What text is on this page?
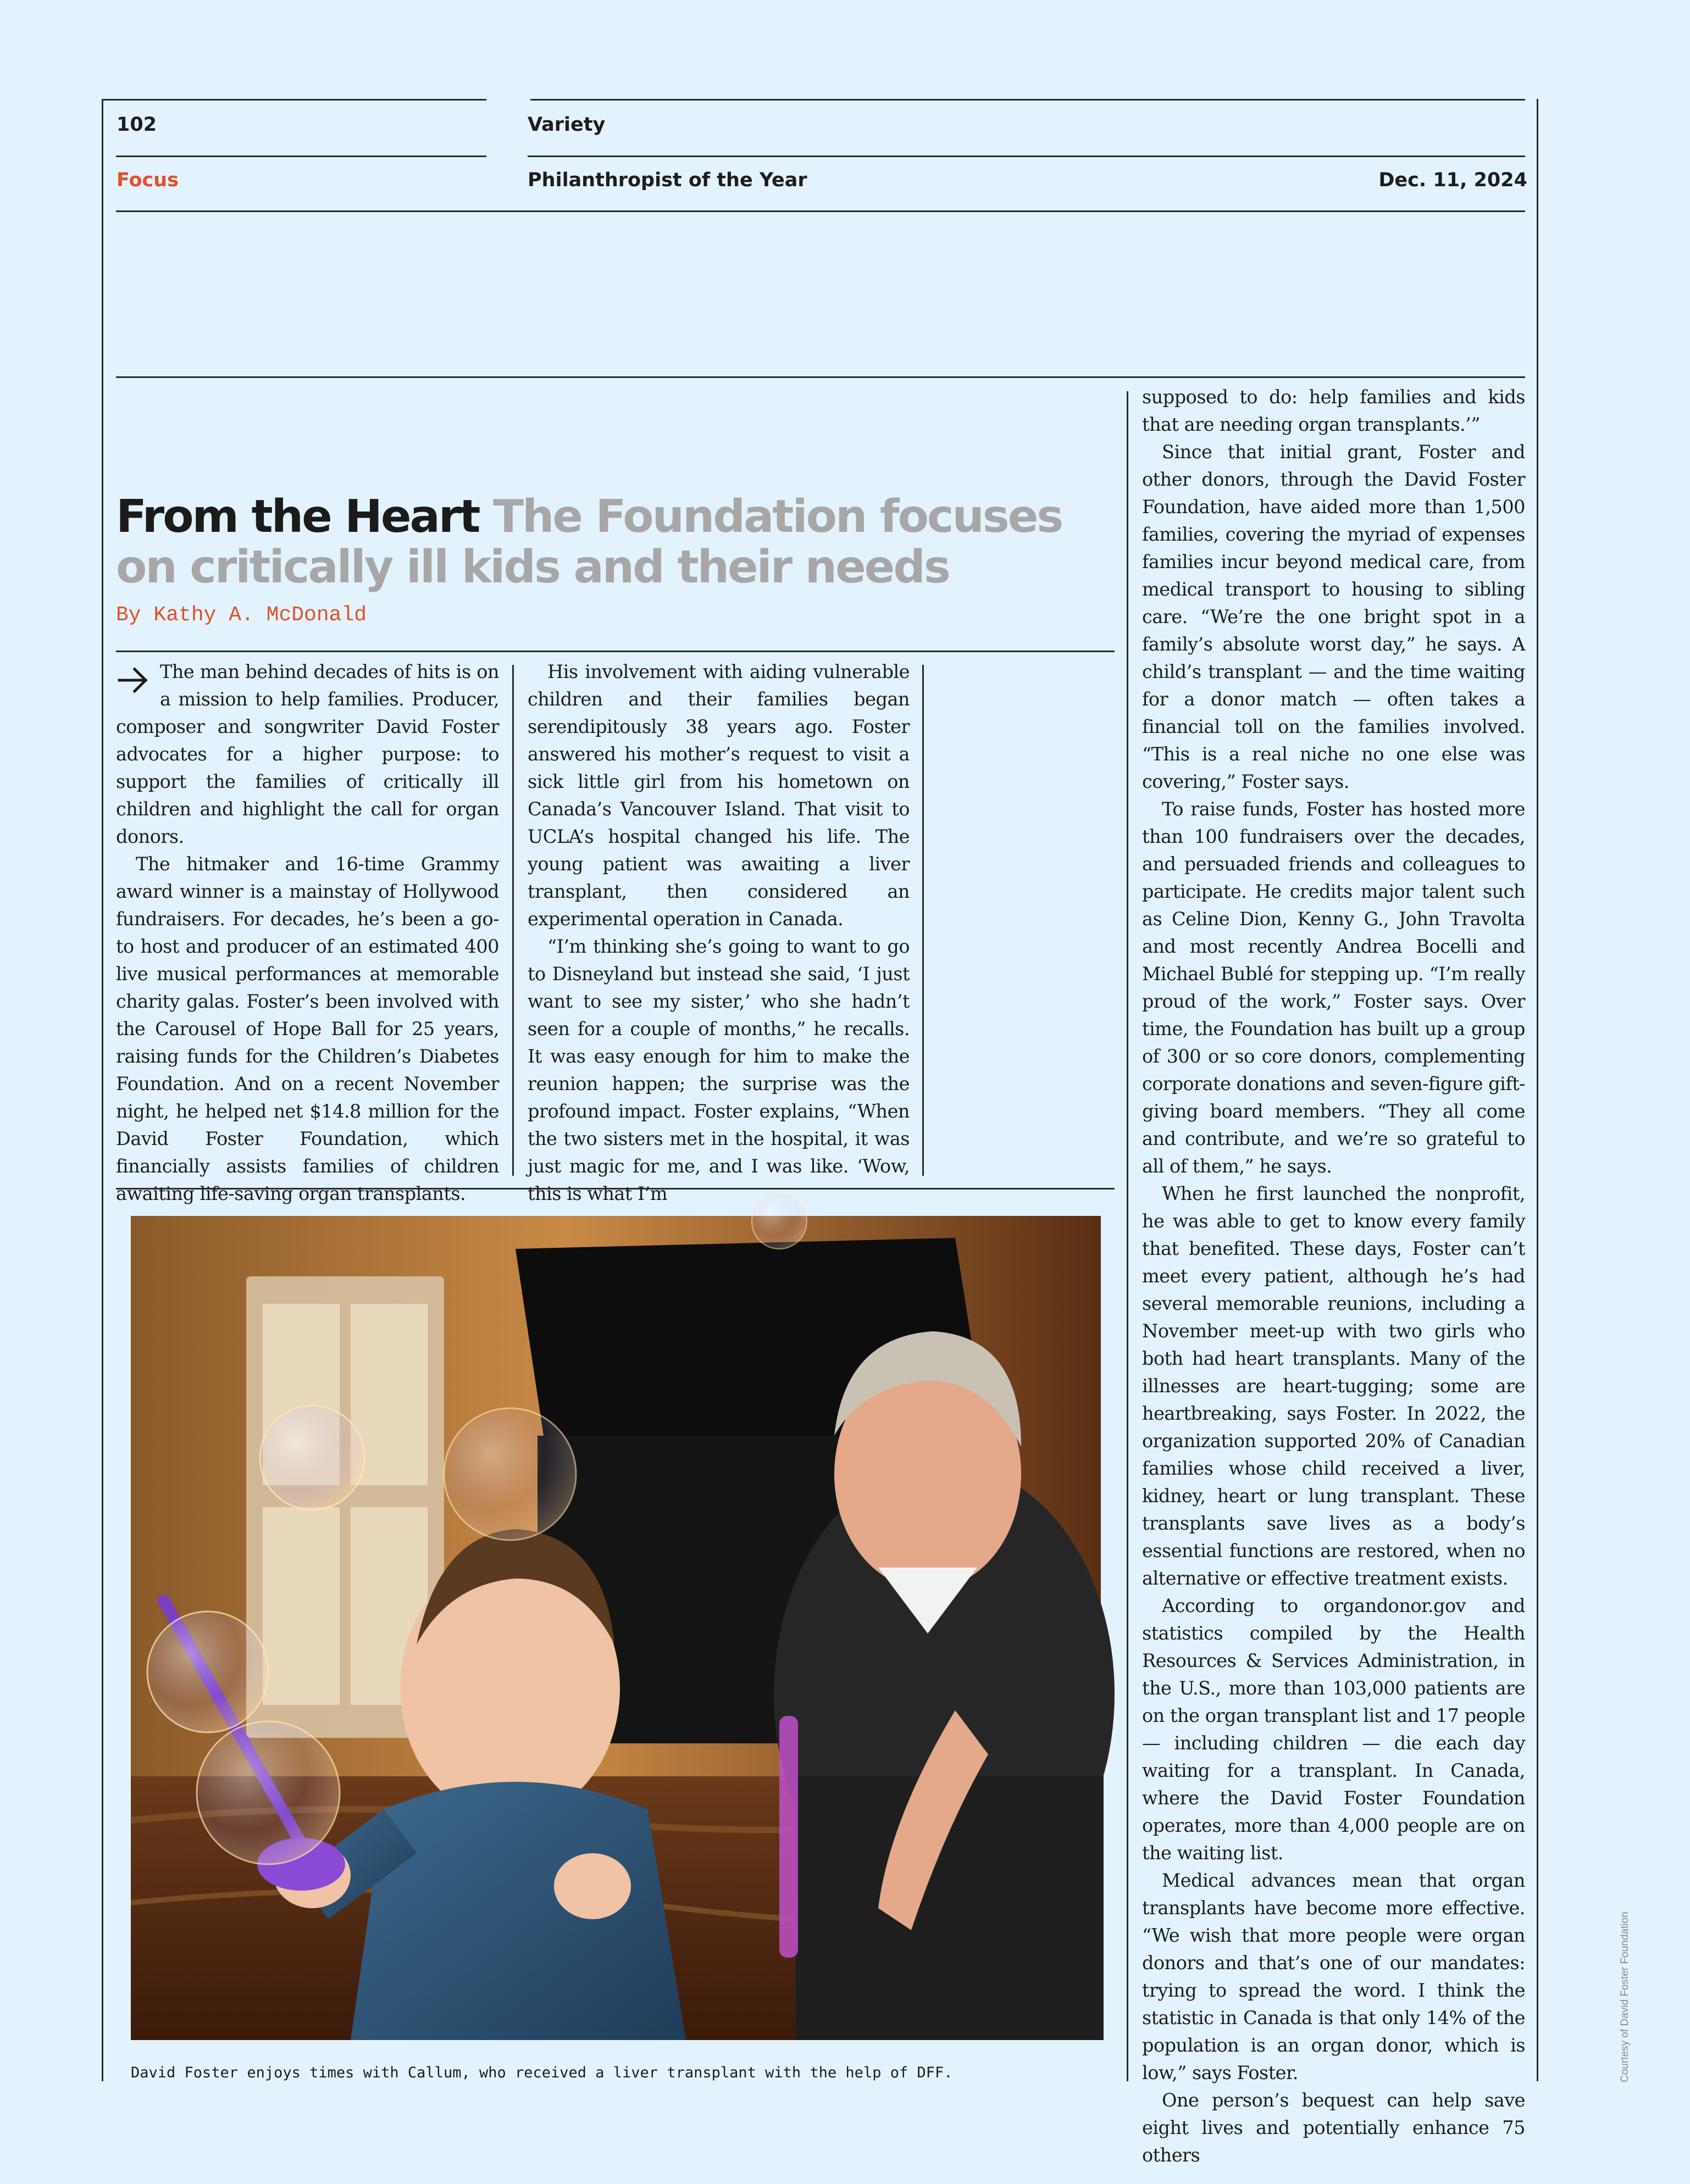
102	Variety
Focus	Philanthropist of the Year	Dec. 11, 2024
From the Heart The Foundation focuses on critically ill kids and their needs
By Kathy A. McDonald

The man behind decades of hits is on a mission to help families. Producer, composer and songwriter David Foster advocates for a higher purpose: to support the families of critically ill children and highlight the call for organ donors.

The hitmaker and 16-time Grammy award winner is a mainstay of Hollywood fundraisers. For decades, he’s been a go-to host and producer of an estimated 400 live musical performances at memorable charity galas. Foster’s been involved with the Carousel of Hope Ball for 25 years, raising funds for the Children’s Diabetes Foundation. And on a recent November night, he helped net $14.8 million for the David Foster Foundation, which financially assists families of children awaiting life-saving organ transplants.

His involvement with aiding vulnerable children and their families began serendipitously 38 years ago. Foster answered his mother’s request to visit a sick little girl from his hometown on Canada’s Vancouver Island. That visit to UCLA’s hospital changed his life. The young patient was awaiting a liver transplant, then considered an experimental operation in Canada.

“I’m thinking she’s going to want to go to Disneyland but instead she said, ‘I just want to see my sister,’ who she hadn’t seen for a couple of months,” he recalls. It was easy enough for him to make the reunion happen; the surprise was the profound impact. Foster explains, “When the two sisters met in the hospital, it was just magic for me, and I was like. ‘Wow, this is what I’m

supposed to do: help families and kids that are needing organ transplants.’”

Since that initial grant, Foster and other donors, through the David Foster Foundation, have aided more than 1,500 families, covering the myriad of expenses families incur beyond medical care, from medical transport to housing to sibling care. “We’re the one bright spot in a family’s absolute worst day,” he says. A child’s transplant — and the time waiting for a donor match — often takes a financial toll on the families involved. “This is a real niche no one else was covering,” Foster says.

To raise funds, Foster has hosted more than 100 fundraisers over the decades, and persuaded friends and colleagues to participate. He credits major talent such as Celine Dion, Kenny G., John Travolta and most recently Andrea Bocelli and Michael Bublé for stepping up. “I’m really proud of the work,” Foster says. Over time, the Foundation has built up a group of 300 or so core donors, complementing corporate donations and seven-figure gift-giving board members. “They all come and contribute, and we’re so grateful to all of them,” he says.

When he first launched the nonprofit, he was able to get to know every family that benefited. These days, Foster can’t meet every patient, although he’s had several memorable reunions, including a November meet-up with two girls who both had heart transplants. Many of the illnesses are heart-tugging; some are heartbreaking, says Foster. In 2022, the organization supported 20% of Canadian families whose child received a liver, kidney, heart or lung transplant. These transplants save lives as a body’s essential functions are restored, when no alternative or effective treatment exists.

According to organdonor.gov and statistics compiled by the Health Resources & Services Administration, in the U.S., more than 103,000 patients are on the organ transplant list and 17 people — including children — die each day waiting for a transplant. In Canada, where the David Foster Foundation operates, more than 4,000 people are on the waiting list.

Medical advances mean that organ transplants have become more effective. “We wish that more people were organ donors and that’s one of our mandates: trying to spread the word. I think the statistic in Canada is that only 14% of the population is an organ donor, which is low,” says Foster.

One person’s bequest can help save eight lives and potentially enhance 75 others

David Foster enjoys times with Callum, who received a liver transplant with the help of DFF.	Courtesy of David Foster Foundation
